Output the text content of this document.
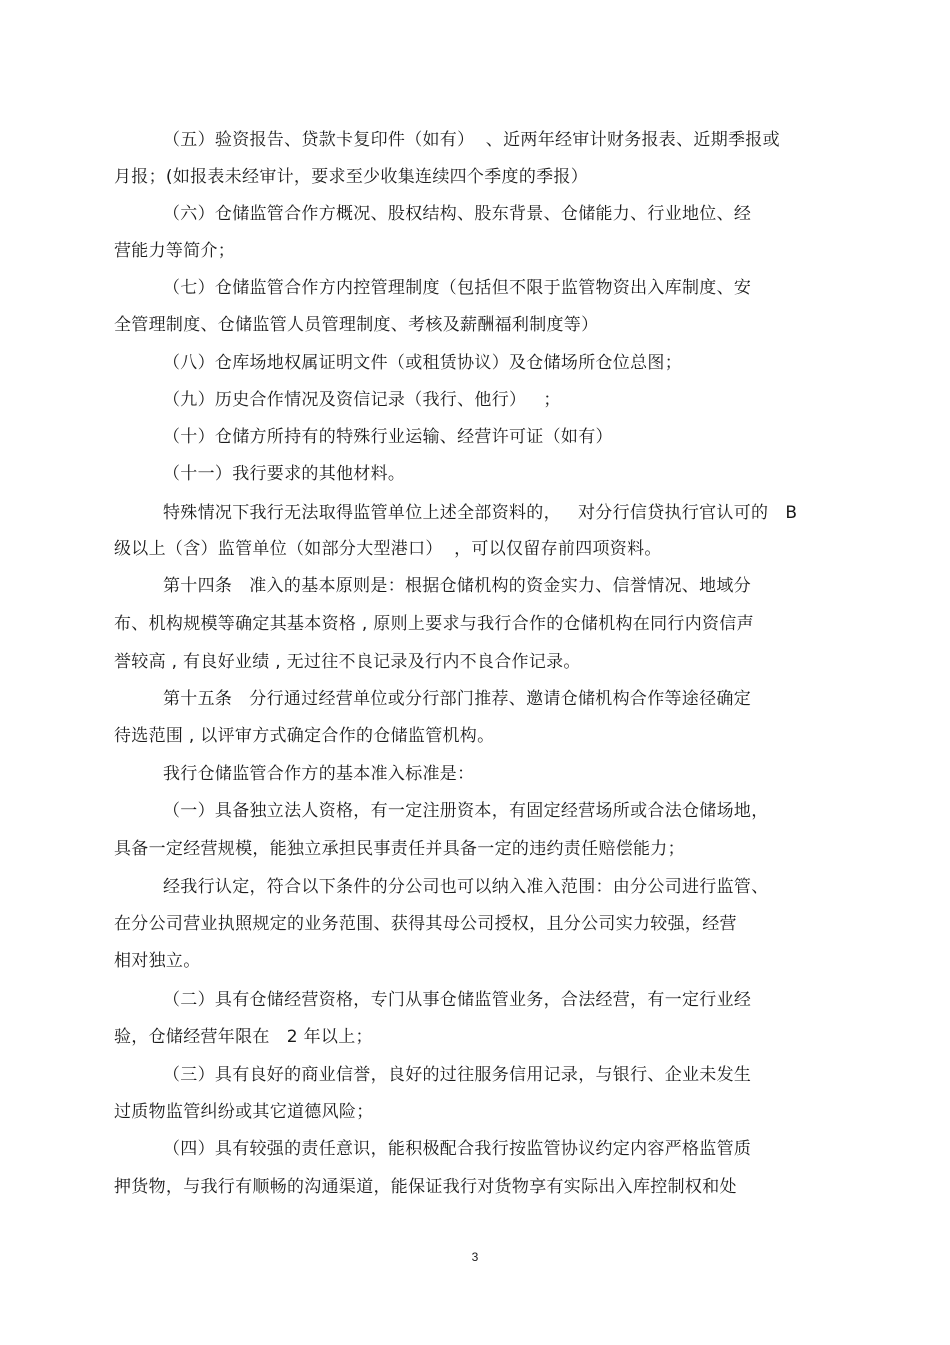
（五）验资报告、贷款卡复印件（如有）  、近两年经审计财务报表、近期季报或
月报；(如报表未经审计，要求至少收集连续四个季度的季报）
（六）仓储监管合作方概况、股权结构、股东背景、仓储能力、行业地位、经
营能力等简介；
（七）仓储监管合作方内控管理制度（包括但不限于监管物资出入库制度、安
全管理制度、仓储监管人员管理制度、考核及薪酬福利制度等）
（八）仓库场地权属证明文件（或租赁协议）及仓储场所仓位总图；
（九）历史合作情况及资信记录（我行、他行）   ；
（十）仓储方所持有的特殊行业运输、经营许可证（如有）
（十一）我行要求的其他材料。
特殊情况下我行无法取得监管单位上述全部资料的，   对分行信贷执行官认可的   B
级以上（含）监管单位（如部分大型港口）  ，可以仅留存前四项资料。
第十四条   准入的基本原则是：根据仓储机构的资金实力、信誉情况、地域分
布、机构规模等确定其基本资格 , 原则上要求与我行合作的仓储机构在同行内资信声
誉较高 , 有良好业绩 , 无过往不良记录及行内不良合作记录。
第十五条   分行通过经营单位或分行部门推荐、邀请仓储机构合作等途径确定
待选范围 , 以评审方式确定合作的仓储监管机构。
我行仓储监管合作方的基本准入标准是：
（一）具备独立法人资格，有一定注册资本，有固定经营场所或合法仓储场地，
具备一定经营规模，能独立承担民事责任并具备一定的违约责任赔偿能力；
经我行认定，符合以下条件的分公司也可以纳入准入范围：由分公司进行监管、
在分公司营业执照规定的业务范围、获得其母公司授权，且分公司实力较强，经营
相对独立。
（二）具有仓储经营资格，专门从事仓储监管业务，合法经营，有一定行业经
验，仓储经营年限在   2 年以上；
（三）具有良好的商业信誉，良好的过往服务信用记录，与银行、企业未发生
过质物监管纠纷或其它道德风险；
（四）具有较强的责任意识，能积极配合我行按监管协议约定内容严格监管质
押货物，与我行有顺畅的沟通渠道，能保证我行对货物享有实际出入库控制权和处
3
